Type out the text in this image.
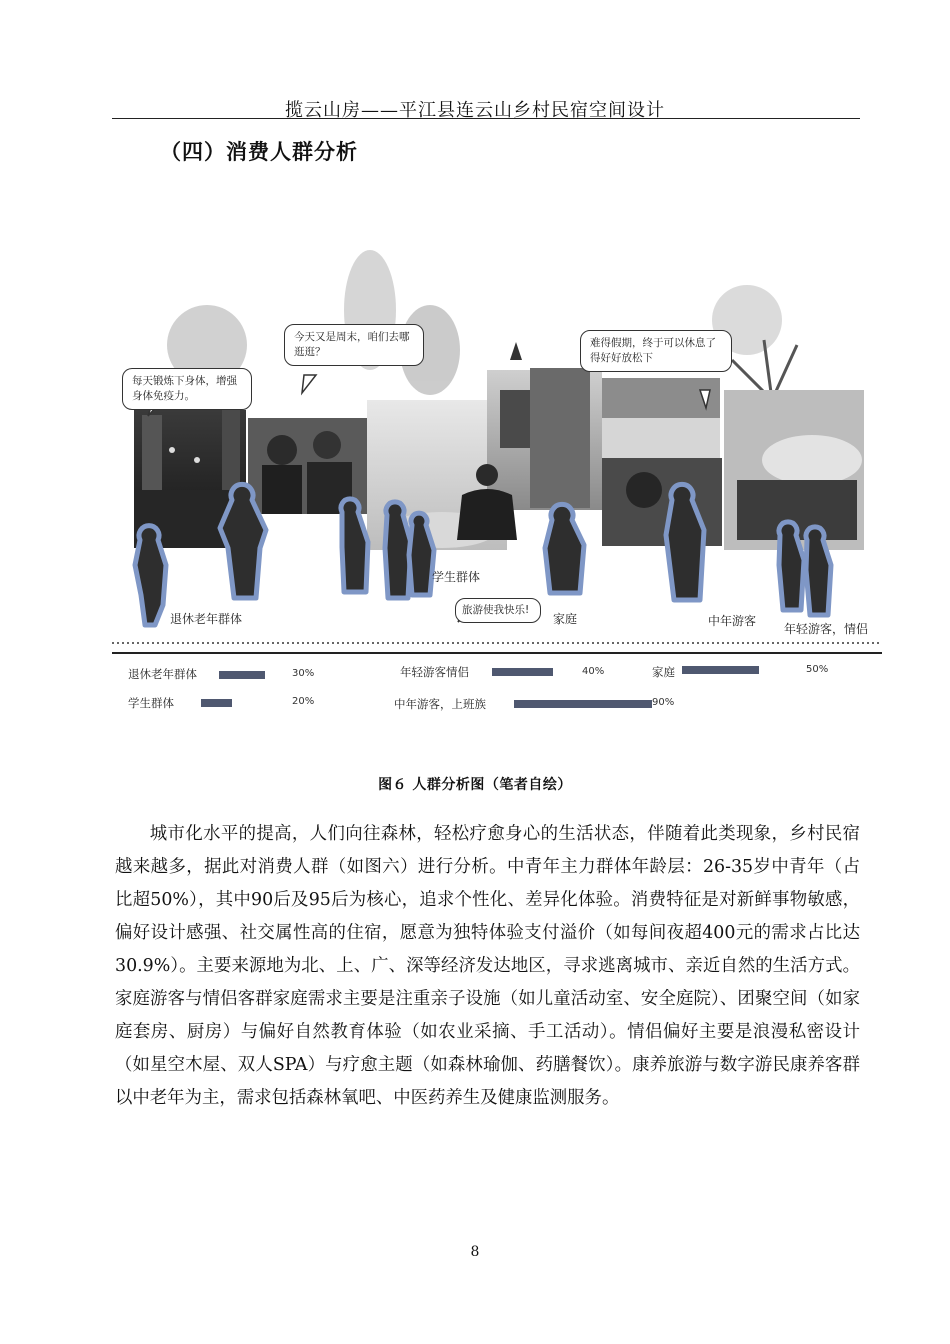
揽云山房——平江县连云山乡村民宿空间设计
（四）消费人群分析
每天锻炼下身体，增强身体免疫力。
今天又是周末，咱们去哪逛逛？
难得假期，终于可以休息了得好好放松下
旅游使我快乐!
退休老年群体
学生群体
家庭	中年游客
年轻游客，情侣
退休老年群体	30%
学生群体	20%
年轻游客情侣	40%
中年游客，上班族	90%
家庭	50%
图６ 人群分析图（笔者自绘）

城市化水平的提高，人们向往森林，轻松疗愈身心的生活状态，伴随着此类现象，乡村民宿越来越多，据此对消费人群（如图六）进行分析。中青年主力群体年龄层：26-35岁中青年（占比超50%），其中90后及95后为核心，追求个性化、差异化体验。消费特征是对新鲜事物敏感，偏好设计感强、社交属性高的住宿，愿意为独特体验支付溢价（如每间夜超400元的需求占比达30.9%）。主要来源地为北、上、广、深等经济发达地区，寻求逃离城市、亲近自然的生活方式。家庭游客与情侣客群家庭需求主要是注重亲子设施（如儿童活动室、安全庭院）、团聚空间（如家庭套房、厨房）与偏好自然教育体验（如农业采摘、手工活动）。情侣偏好主要是浪漫私密设计（如星空木屋、双人SPA）与疗愈主题（如森林瑜伽、药膳餐饮）。康养旅游与数字游民康养客群以中老年为主，需求包括森林氧吧、中医药养生及健康监测服务。

8
